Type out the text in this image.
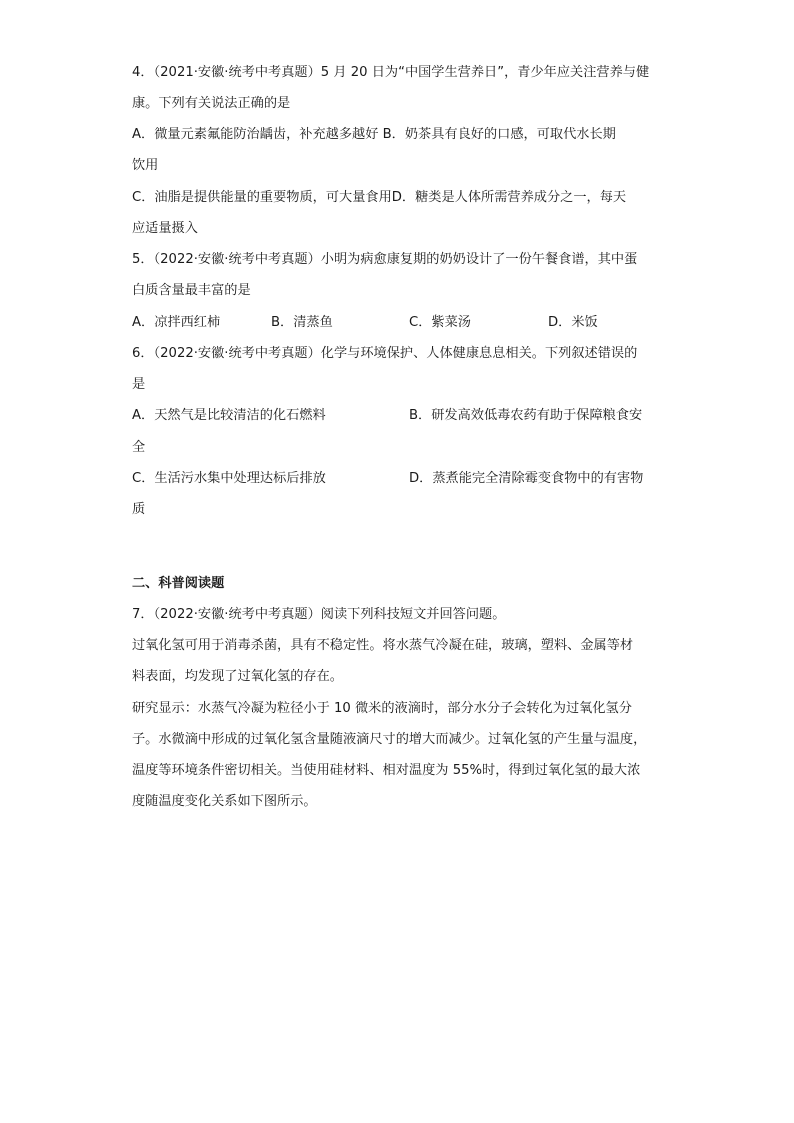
4．（2021·安徽·统考中考真题）5 月 20 日为“中国学生营养日”，青少年应关注营养与健
康。下列有关说法正确的是
A．微量元素氟能防治龋齿，补充越多越好 B．奶茶具有良好的口感，可取代水长期
饮用
C．油脂是提供能量的重要物质，可大量食用D．糖类是人体所需营养成分之一，每天
应适量摄入
5．（2022·安徽·统考中考真题）小明为病愈康复期的奶奶设计了一份午餐食谱，其中蛋
白质含量最丰富的是
A．凉拌西红柿	B．清蒸鱼	C．紫菜汤	D．米饭
6．（2022·安徽·统考中考真题）化学与环境保护、人体健康息息相关。下列叙述错误的
是
A．天然气是比较清洁的化石燃料	B．研发高效低毒农药有助于保障粮食安
全
C．生活污水集中处理达标后排放	D．蒸煮能完全清除霉变食物中的有害物
质
二、科普阅读题
7．（2022·安徽·统考中考真题）阅读下列科技短文并回答问题。
过氧化氢可用于消毒杀菌，具有不稳定性。将水蒸气冷凝在硅，玻璃，塑料、金属等材
料表面，均发现了过氧化氢的存在。
研究显示：水蒸气冷凝为粒径小于 10 微米的液滴时，部分水分子会转化为过氧化氢分
子。水微滴中形成的过氧化氢含量随液滴尺寸的增大而减少。过氧化氢的产生量与温度，
温度等环境条件密切相关。当使用硅材料、相对温度为 55%时，得到过氧化氢的最大浓
度随温度变化关系如下图所示。
